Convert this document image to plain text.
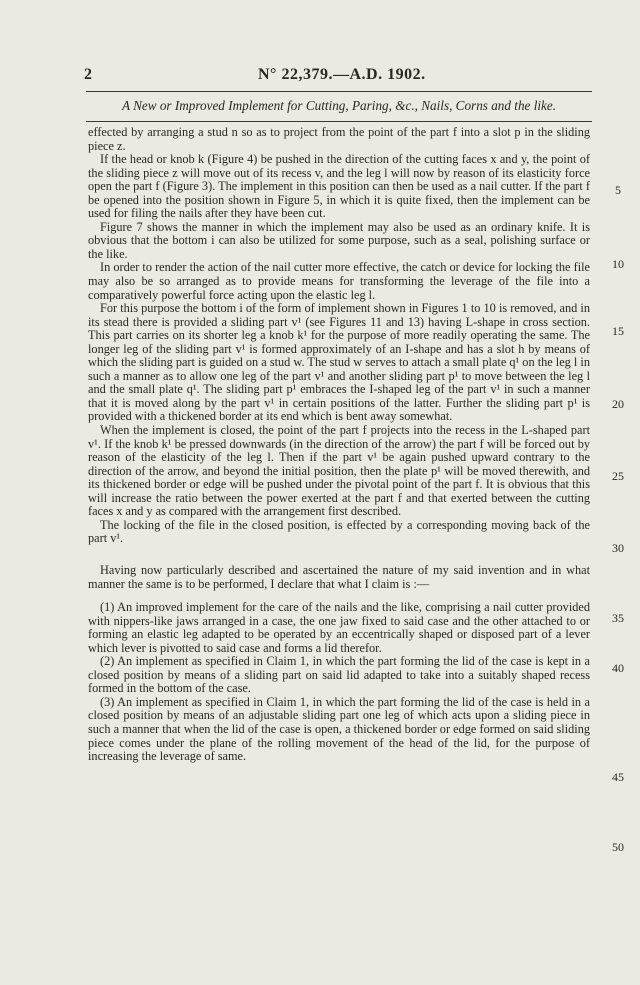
2	N° 22,379.—A.D. 1902.
A New or Improved Implement for Cutting, Paring, &c., Nails, Corns and the like.

effected by arranging a stud n so as to project from the point of the part f into a slot p in the sliding piece z.

If the head or knob k (Figure 4) be pushed in the direction of the cutting faces x and y, the point of the sliding piece z will move out of its recess v, and the leg l will now by reason of its elasticity force open the part f (Figure 3). The implement in this position can then be used as a nail cutter. If the part f be opened into the position shown in Figure 5, in which it is quite fixed, then the implement can be used for filing the nails after they have been cut.

Figure 7 shows the manner in which the implement may also be used as an ordinary knife. It is obvious that the bottom i can also be utilized for some purpose, such as a seal, polishing surface or the like.

In order to render the action of the nail cutter more effective, the catch or device for locking the file may also be so arranged as to provide means for transforming the leverage of the file into a comparatively powerful force acting upon the elastic leg l.

For this purpose the bottom i of the form of implement shown in Figures 1 to 10 is removed, and in its stead there is provided a sliding part v¹ (see Figures 11 and 13) having L-shape in cross section. This part carries on its shorter leg a knob k¹ for the purpose of more readily operating the same. The longer leg of the sliding part v¹ is formed approximately of an I-shape and has a slot h by means of which the sliding part is guided on a stud w. The stud w serves to attach a small plate q¹ on the leg l in such a manner as to allow one leg of the part v¹ and another sliding part p¹ to move between the leg l and the small plate q¹. The sliding part p¹ embraces the I-shaped leg of the part v¹ in such a manner that it is moved along by the part v¹ in certain positions of the latter. Further the sliding part p¹ is provided with a thickened border at its end which is bent away somewhat.

When the implement is closed, the point of the part f projects into the recess in the L-shaped part v¹. If the knob k¹ be pressed downwards (in the direction of the arrow) the part f will be forced out by reason of the elasticity of the leg l. Then if the part v¹ be again pushed upward contrary to the direction of the arrow, and beyond the initial position, then the plate p¹ will be moved therewith, and its thickened border or edge will be pushed under the pivotal point of the part f. It is obvious that this will increase the ratio between the power exerted at the part f and that exerted between the cutting faces x and y as compared with the arrangement first described.

The locking of the file in the closed position, is effected by a corresponding moving back of the part v¹.

Having now particularly described and ascertained the nature of my said invention and in what manner the same is to be performed, I declare that what I claim is :—

(1) An improved implement for the care of the nails and the like, comprising a nail cutter provided with nippers-like jaws arranged in a case, the one jaw fixed to said case and the other attached to or forming an elastic leg adapted to be operated by an eccentrically shaped or disposed part of a lever which lever is pivotted to said case and forms a lid therefor.

(2) An implement as specified in Claim 1, in which the part forming the lid of the case is kept in a closed position by means of a sliding part on said lid adapted to take into a suitably shaped recess formed in the bottom of the case.

(3) An implement as specified in Claim 1, in which the part forming the lid of the case is held in a closed position by means of an adjustable sliding part one leg of which acts upon a sliding piece in such a manner that when the lid of the case is open, a thickened border or edge formed on said sliding piece comes under the plane of the rolling movement of the head of the lid, for the purpose of increasing the leverage of same.

5
10
15
20
25
30
35
40
45
50
